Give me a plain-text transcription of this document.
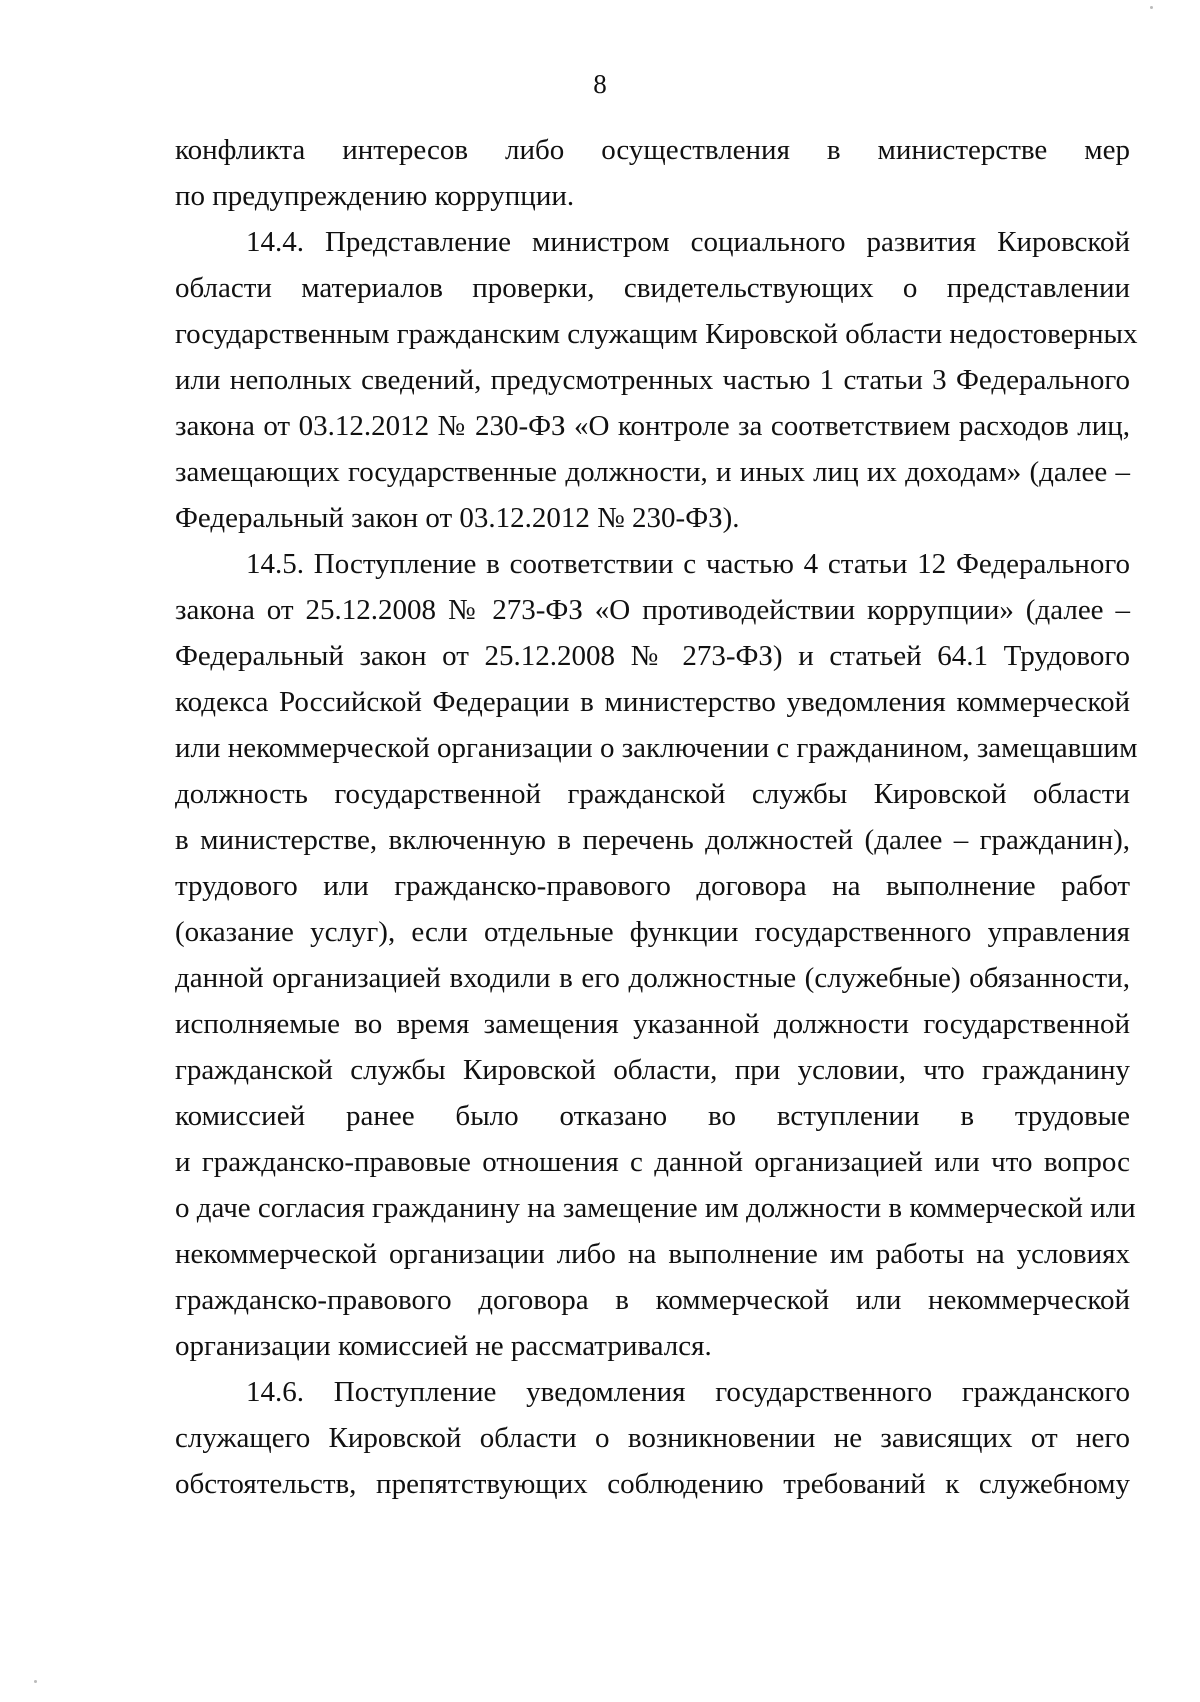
8
конфликта интересов либо осуществления в министерстве мер
по предупреждению коррупции.
14.4. Представление министром социального развития Кировской
области материалов проверки, свидетельствующих о представлении
государственным гражданским служащим Кировской области недостоверных
или неполных сведений, предусмотренных частью 1 статьи 3 Федерального
закона от 03.12.2012 № 230-ФЗ «О контроле за соответствием расходов лиц,
замещающих государственные должности, и иных лиц их доходам» (далее –
Федеральный закон от 03.12.2012 № 230-ФЗ).
14.5. Поступление в соответствии с частью 4 статьи 12 Федерального
закона от 25.12.2008 № 273-ФЗ «О противодействии коррупции» (далее –
Федеральный закон от 25.12.2008 № 273-ФЗ) и статьей 64.1 Трудового
кодекса Российской Федерации в министерство уведомления коммерческой
или некоммерческой организации о заключении с гражданином, замещавшим
должность государственной гражданской службы Кировской области
в министерстве, включенную в перечень должностей (далее – гражданин),
трудового или гражданско-правового договора на выполнение работ
(оказание услуг), если отдельные функции государственного управления
данной организацией входили в его должностные (служебные) обязанности,
исполняемые во время замещения указанной должности государственной
гражданской службы Кировской области, при условии, что гражданину
комиссией ранее было отказано во вступлении в трудовые
и гражданско-правовые отношения с данной организацией или что вопрос
о даче согласия гражданину на замещение им должности в коммерческой или
некоммерческой организации либо на выполнение им работы на условиях
гражданско-правового договора в коммерческой или некоммерческой
организации комиссией не рассматривался.
14.6. Поступление уведомления государственного гражданского
служащего Кировской области о возникновении не зависящих от него
обстоятельств, препятствующих соблюдению требований к служебному
